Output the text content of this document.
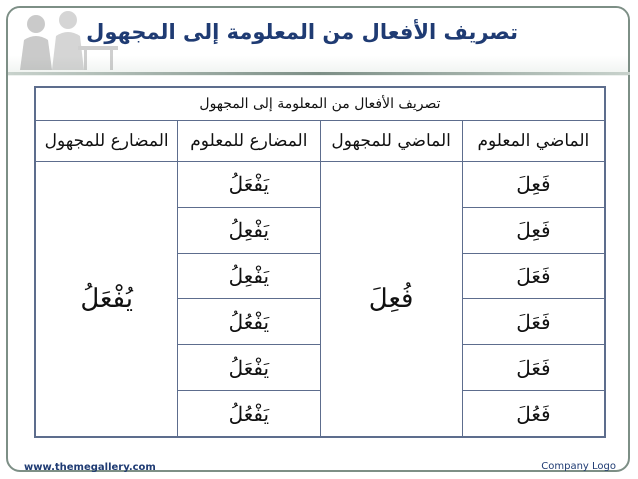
تصريف الأفعال من المعلومة إلى المجهول
تصريف الأفعال من المعلومة إلى المجهول			
الماضي المعلوم	الماضي للمجهول	المضارع للمعلوم	المضارع للمجهول
فَعِلَ	فُعِلَ	يَفْعَلُ	يُفْعَلُ
فَعِلَ		يَفْعِلُ	
فَعَلَ		يَفْعِلُ	
فَعَلَ		يَفْعُلُ	
فَعَلَ		يَفْعَلُ	
فَعُلَ		يَفْعُلُ	
www.themegallery.com	Company Logo
